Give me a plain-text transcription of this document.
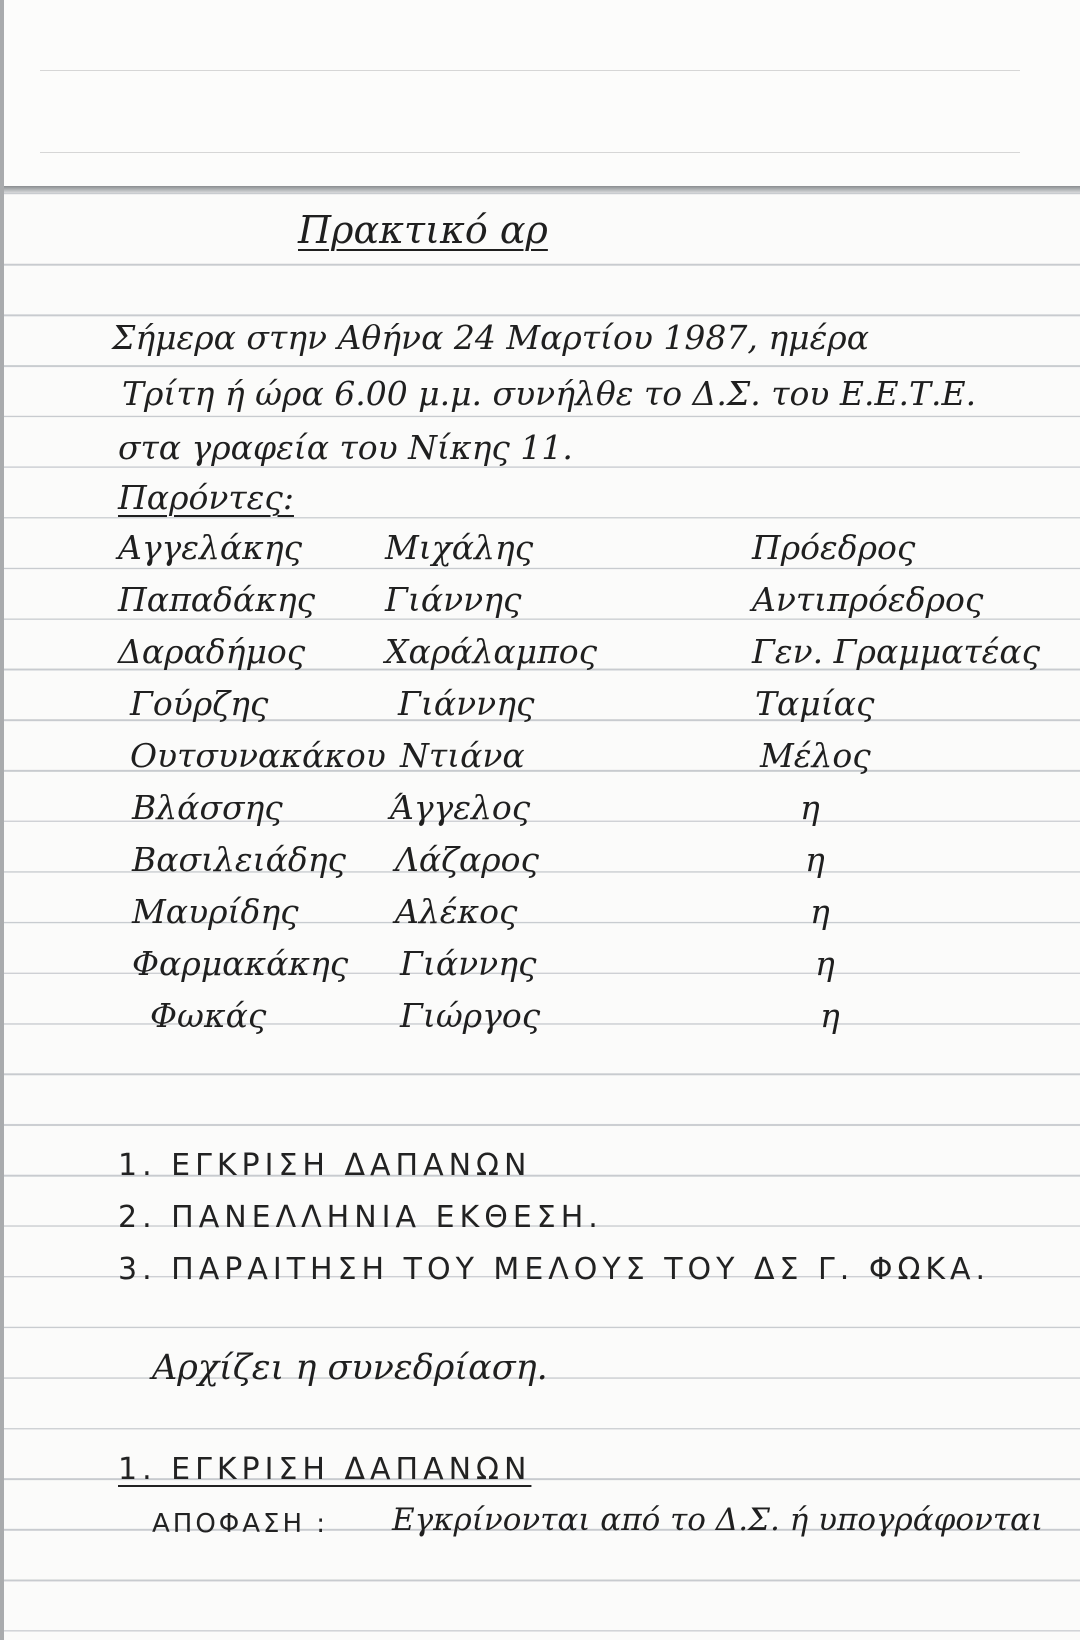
Πρακτικό αρ
Σήμερα στην Αθήνα 24 Μαρτίου 1987, ημέρα
Τρίτη ή ώρα 6.00 μ.μ. συνήλθε το Δ.Σ. του Ε.Ε.Τ.Ε.
στα γραφεία του Νίκης 11.
Παρόντες:
Αγγελάκης	Μιχάλης	Πρόεδρος
Παπαδάκης Γιάννης	Αντιπρόεδρος
Δαραδήμος Χαράλαμπος	Γεν. Γραμματέας
Γούρζης	Γιάννης	Ταμίας
Ουτσυνακάκου Ντιάνα	Μέλος
Βλάσσης	Άγγελος	η
Βασιλειάδης Λάζαρος	η
Μαυρίδης	Αλέκος	η
Φαρμακάκης Γιάννης	η
Φωκάς	Γιώργος	η
1. ΕΓΚΡΙΣΗ ΔΑΠΑΝΩΝ
2. ΠΑΝΕΛΛΗΝΙΑ ΕΚΘΕΣΗ.
3. ΠΑΡΑΙΤΗΣΗ ΤΟΥ ΜΕΛΟΥΣ ΤΟΥ ΔΣ Γ. ΦΩΚΑ.
Αρχίζει η συνεδρίαση.
1. ΕΓΚΡΙΣΗ ΔΑΠΑΝΩΝ
ΑΠΟΦΑΣΗ : Εγκρίνονται από το Δ.Σ. ή υπογράφονται
